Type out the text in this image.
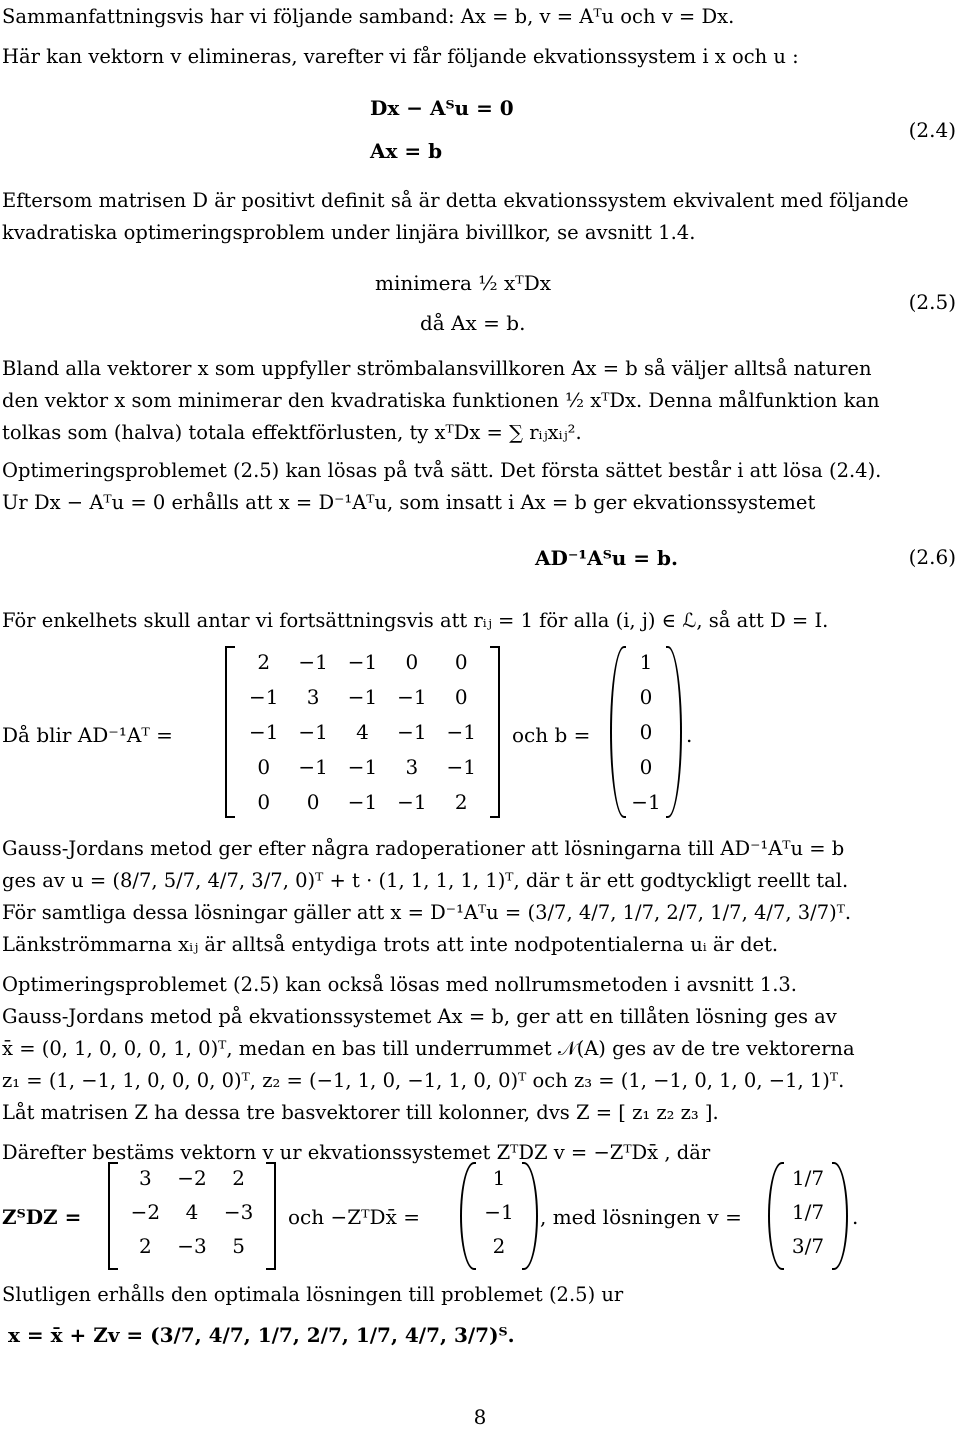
Sammanfattningsvis har vi följande samband: Ax = b, v = Aᵀu och v = Dx.
Här kan vektorn v elimineras, varefter vi får följande ekvationssystem i x och u :
Dx − Aᵀu = 0
Ax = b
(2.4)
Eftersom matrisen D är positivt definit så är detta ekvationssystem ekvivalent med följande
kvadratiska optimeringsproblem under linjära bivillkor, se avsnitt 1.4.
minimera ½ xᵀDx
då Ax = b.
(2.5)
Bland alla vektorer x som uppfyller strömbalansvillkoren Ax = b så väljer alltså naturen
den vektor x som minimerar den kvadratiska funktionen ½ xᵀDx. Denna målfunktion kan
tolkas som (halva) totala effektförlusten, ty xᵀDx = ∑ rᵢⱼxᵢⱼ².
Optimeringsproblemet (2.5) kan lösas på två sätt. Det första sättet består i att lösa (2.4).
Ur Dx − Aᵀu = 0 erhålls att x = D⁻¹Aᵀu, som insatt i Ax = b ger ekvationssystemet
AD⁻¹Aᵀu = b.	(2.6)
För enkelhets skull antar vi fortsättningsvis att rᵢⱼ = 1 för alla (i, j) ∈ ℒ, så att D = I.
Då blir AD⁻¹Aᵀ =
2	−1 −1	0	0
−1	3	−1 −1	0
−1 −1	4	−1 −1
0	−1 −1	3	−1
0	0	−1 −1	2
och b =
1
0
0
0
−1
.
Gauss-Jordans metod ger efter några radoperationer att lösningarna till AD⁻¹Aᵀu = b
ges av u = (8/7, 5/7, 4/7, 3/7, 0)ᵀ + t · (1, 1, 1, 1, 1)ᵀ, där t är ett godtyckligt reellt tal.
För samtliga dessa lösningar gäller att x = D⁻¹Aᵀu = (3/7, 4/7, 1/7, 2/7, 1/7, 4/7, 3/7)ᵀ.
Länkströmmarna xᵢⱼ är alltså entydiga trots att inte nodpotentialerna uᵢ är det.
Optimeringsproblemet (2.5) kan också lösas med nollrumsmetoden i avsnitt 1.3.
Gauss-Jordans metod på ekvationssystemet Ax = b, ger att en tillåten lösning ges av
x̄ = (0, 1, 0, 0, 0, 1, 0)ᵀ, medan en bas till underrummet 𝒩(A) ges av de tre vektorerna
z₁ = (1, −1, 1, 0, 0, 0, 0)ᵀ, z₂ = (−1, 1, 0, −1, 1, 0, 0)ᵀ och z₃ = (1, −1, 0, 1, 0, −1, 1)ᵀ.
Låt matrisen Z ha dessa tre basvektorer till kolonner, dvs Z = [ z₁ z₂ z₃ ].
Därefter bestäms vektorn v ur ekvationssystemet ZᵀDZ v = −ZᵀDx̄ , där
ZᵀDZ =
3	−2	2
−2	4	−3
2	−3	5
och −ZᵀDx̄ =
1
−1
2
, med lösningen v =
1/7
1/7
3/7
.
Slutligen erhålls den optimala lösningen till problemet (2.5) ur
x = x̄ + Zv = (3/7, 4/7, 1/7, 2/7, 1/7, 4/7, 3/7)ᵀ.
8
